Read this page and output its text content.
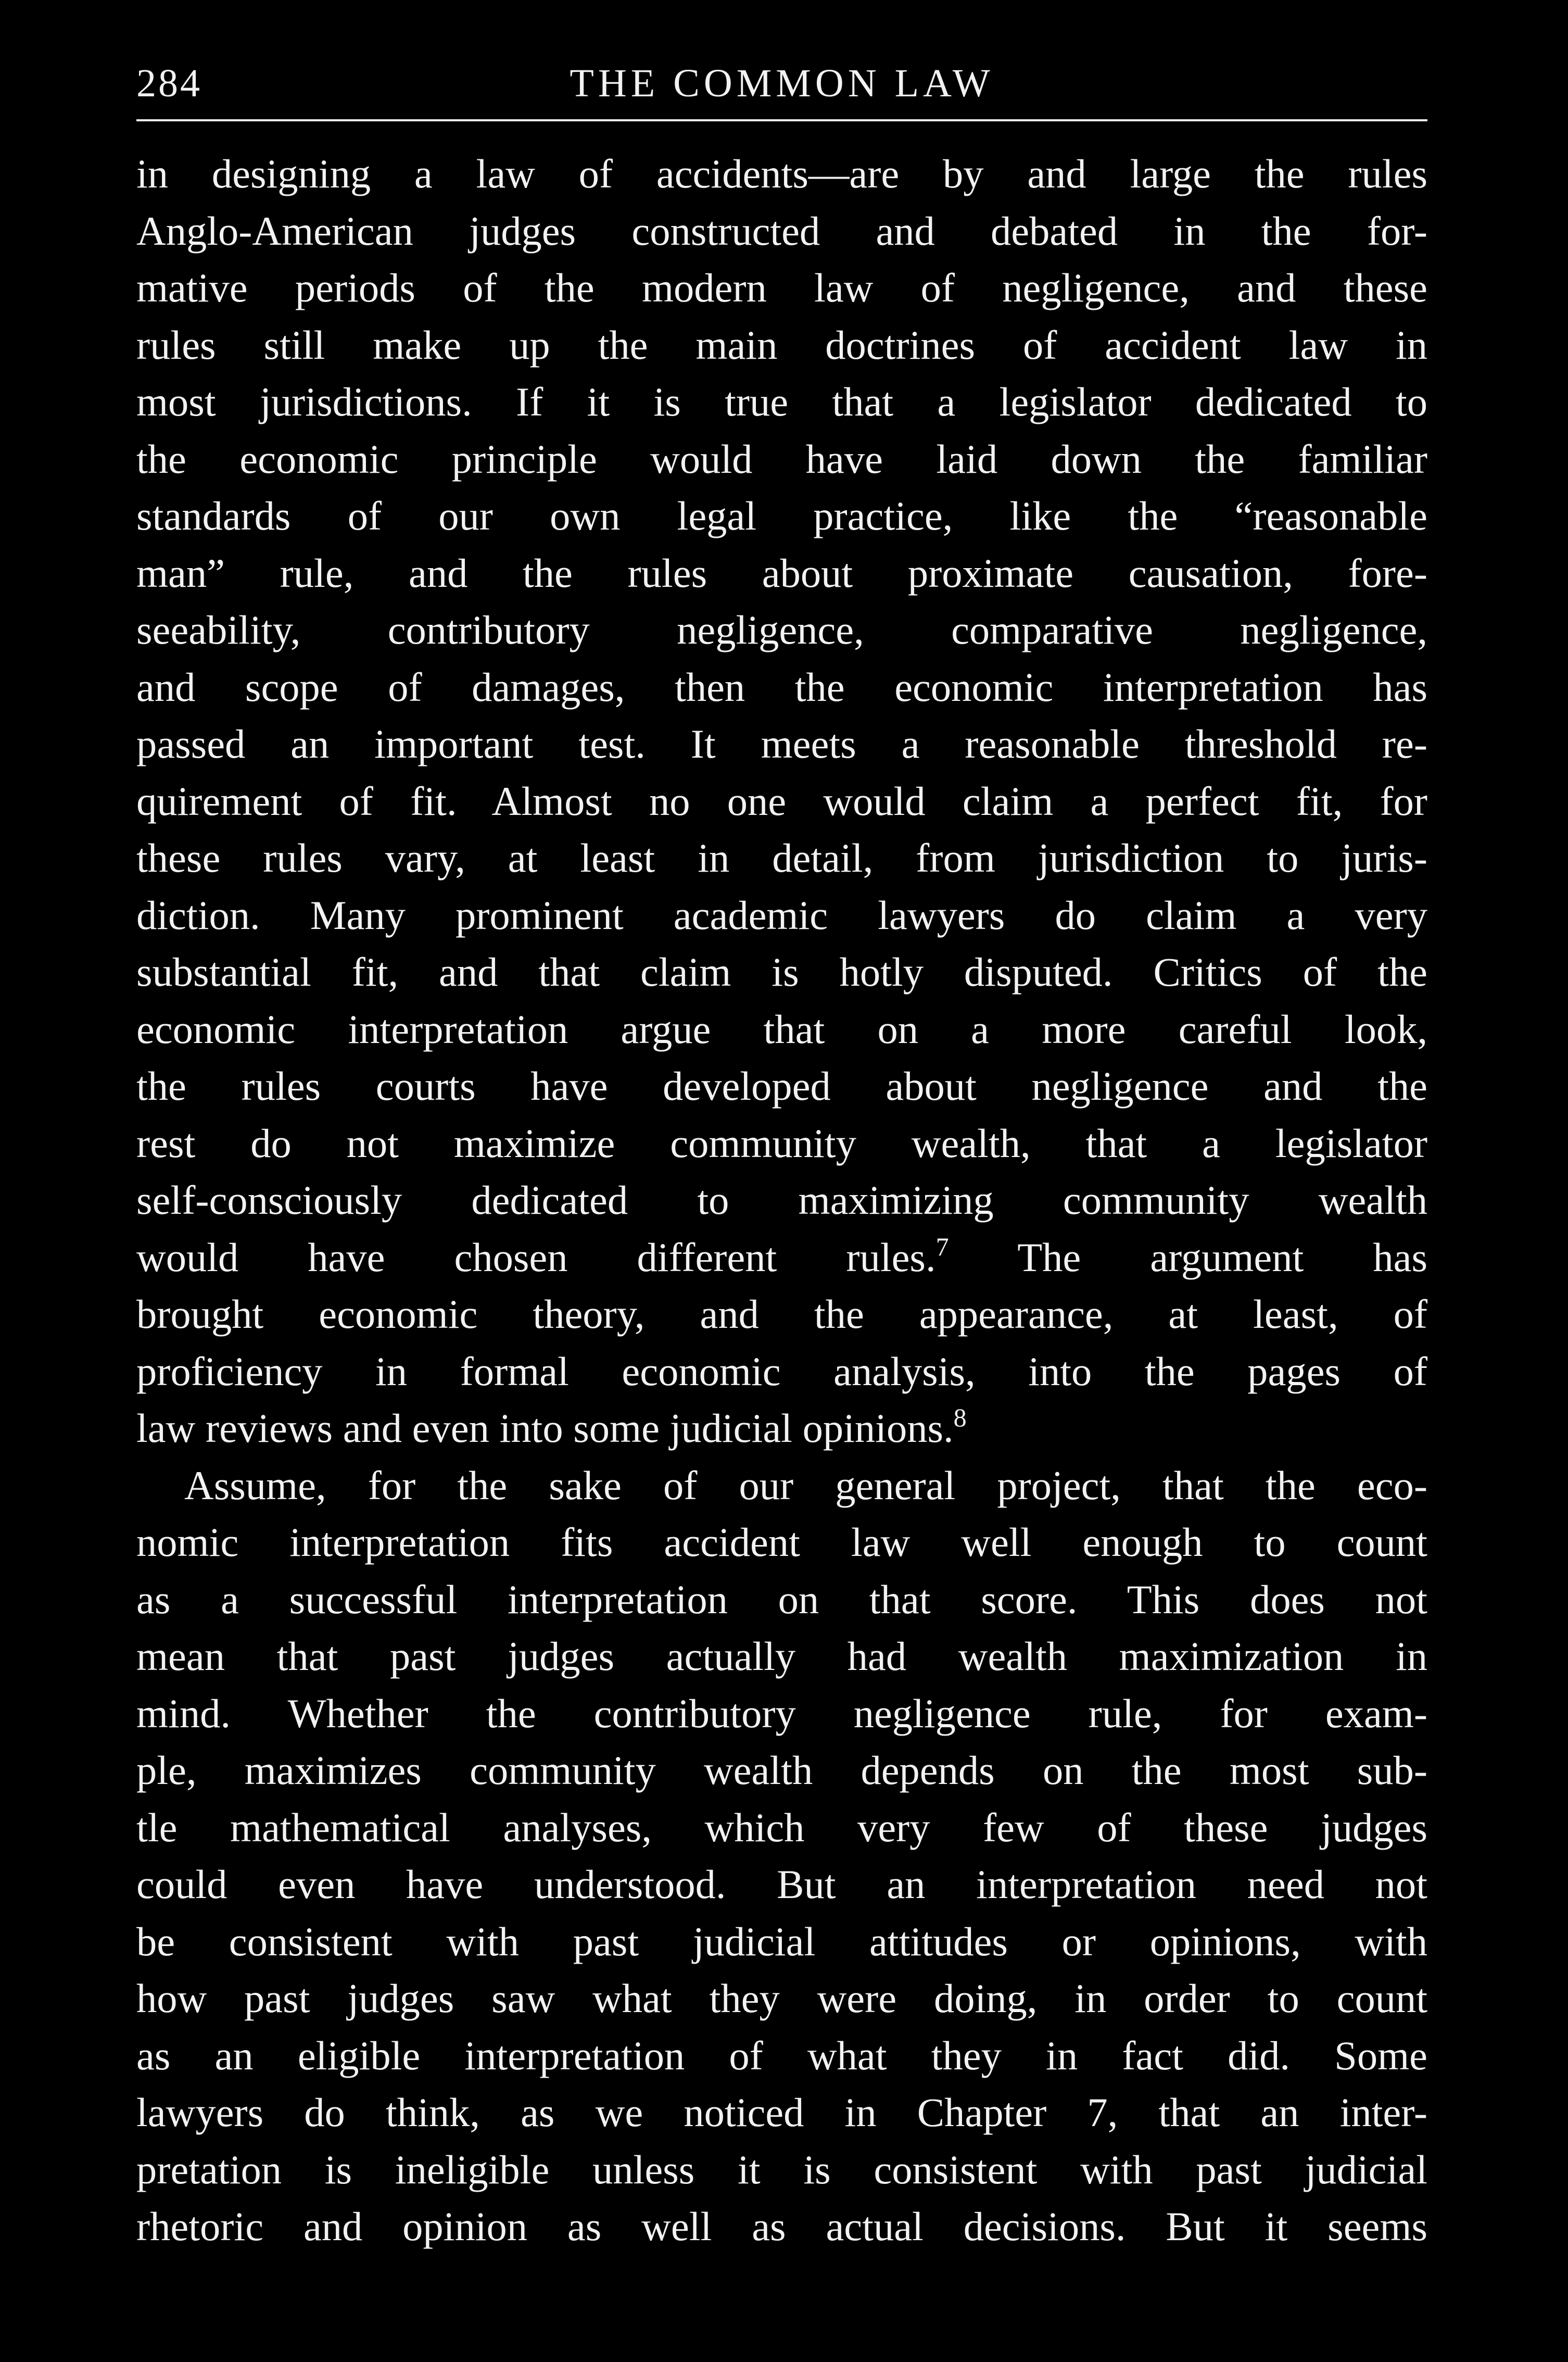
284	THE COMMON LAW
in designing a law of accidents—are by and large the rules
Anglo-American judges constructed and debated in the for-
mative periods of the modern law of negligence, and these
rules still make up the main doctrines of accident law in
most jurisdictions. If it is true that a legislator dedicated to
the economic principle would have laid down the familiar
standards of our own legal practice, like the “reasonable
man” rule, and the rules about proximate causation, fore-
seeability, contributory negligence, comparative negligence,
and scope of damages, then the economic interpretation has
passed an important test. It meets a reasonable threshold re-
quirement of fit. Almost no one would claim a perfect fit, for
these rules vary, at least in detail, from jurisdiction to juris-
diction. Many prominent academic lawyers do claim a very
substantial fit, and that claim is hotly disputed. Critics of the
economic interpretation argue that on a more careful look,
the rules courts have developed about negligence and the
rest do not maximize community wealth, that a legislator
self-consciously dedicated to maximizing community wealth
would have chosen different rules.$^7$ The argument has
brought economic theory, and the appearance, at least, of
proficiency in formal economic analysis, into the pages of
law reviews and even into some judicial opinions.$^8$
Assume, for the sake of our general project, that the eco-
nomic interpretation fits accident law well enough to count
as a successful interpretation on that score. This does not
mean that past judges actually had wealth maximization in
mind. Whether the contributory negligence rule, for exam-
ple, maximizes community wealth depends on the most sub-
tle mathematical analyses, which very few of these judges
could even have understood. But an interpretation need not
be consistent with past judicial attitudes or opinions, with
how past judges saw what they were doing, in order to count
as an eligible interpretation of what they in fact did. Some
lawyers do think, as we noticed in Chapter 7, that an inter-
pretation is ineligible unless it is consistent with past judicial
rhetoric and opinion as well as actual decisions. But it seems
